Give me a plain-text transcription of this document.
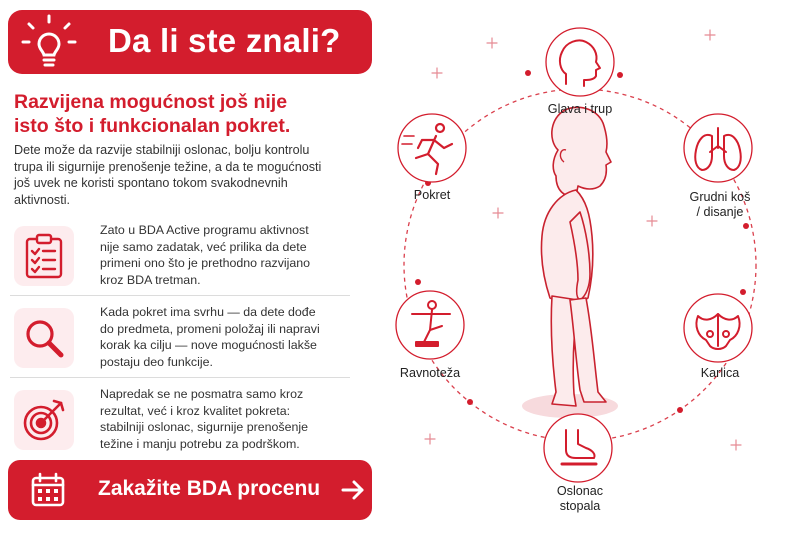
Da li ste znali?
Razvijena mogućnost još nije
isto što i funkcionalan pokret.
Dete može da razvije stabilniji oslonac, bolju kontrolu
trupa ili sigurnije prenošenje težine, a da te mogućnosti
još uvek ne koristi spontano tokom svakodnevnih
aktivnosti.
Zato u BDA Active programu aktivnost
nije samo zadatak, već prilika da dete
primeni ono što je prethodno razvijano
kroz BDA tretman.
Kada pokret ima svrhu — da dete dođe
do predmeta, promeni položaj ili napravi
korak ka cilju — nove mogućnosti lakše
postaju deo funkcije.
Napredak se ne posmatra samo kroz
rezultat, već i kroz kvalitet pokreta:
stabilniji oslonac, sigurnije prenošenje
težine i manju potrebu za podrškom.
Zakažite BDA procenu
Glava i trup
Grudni koš
/ disanje
Karlica
Oslonac
stopala
Ravnoteža
Pokret
